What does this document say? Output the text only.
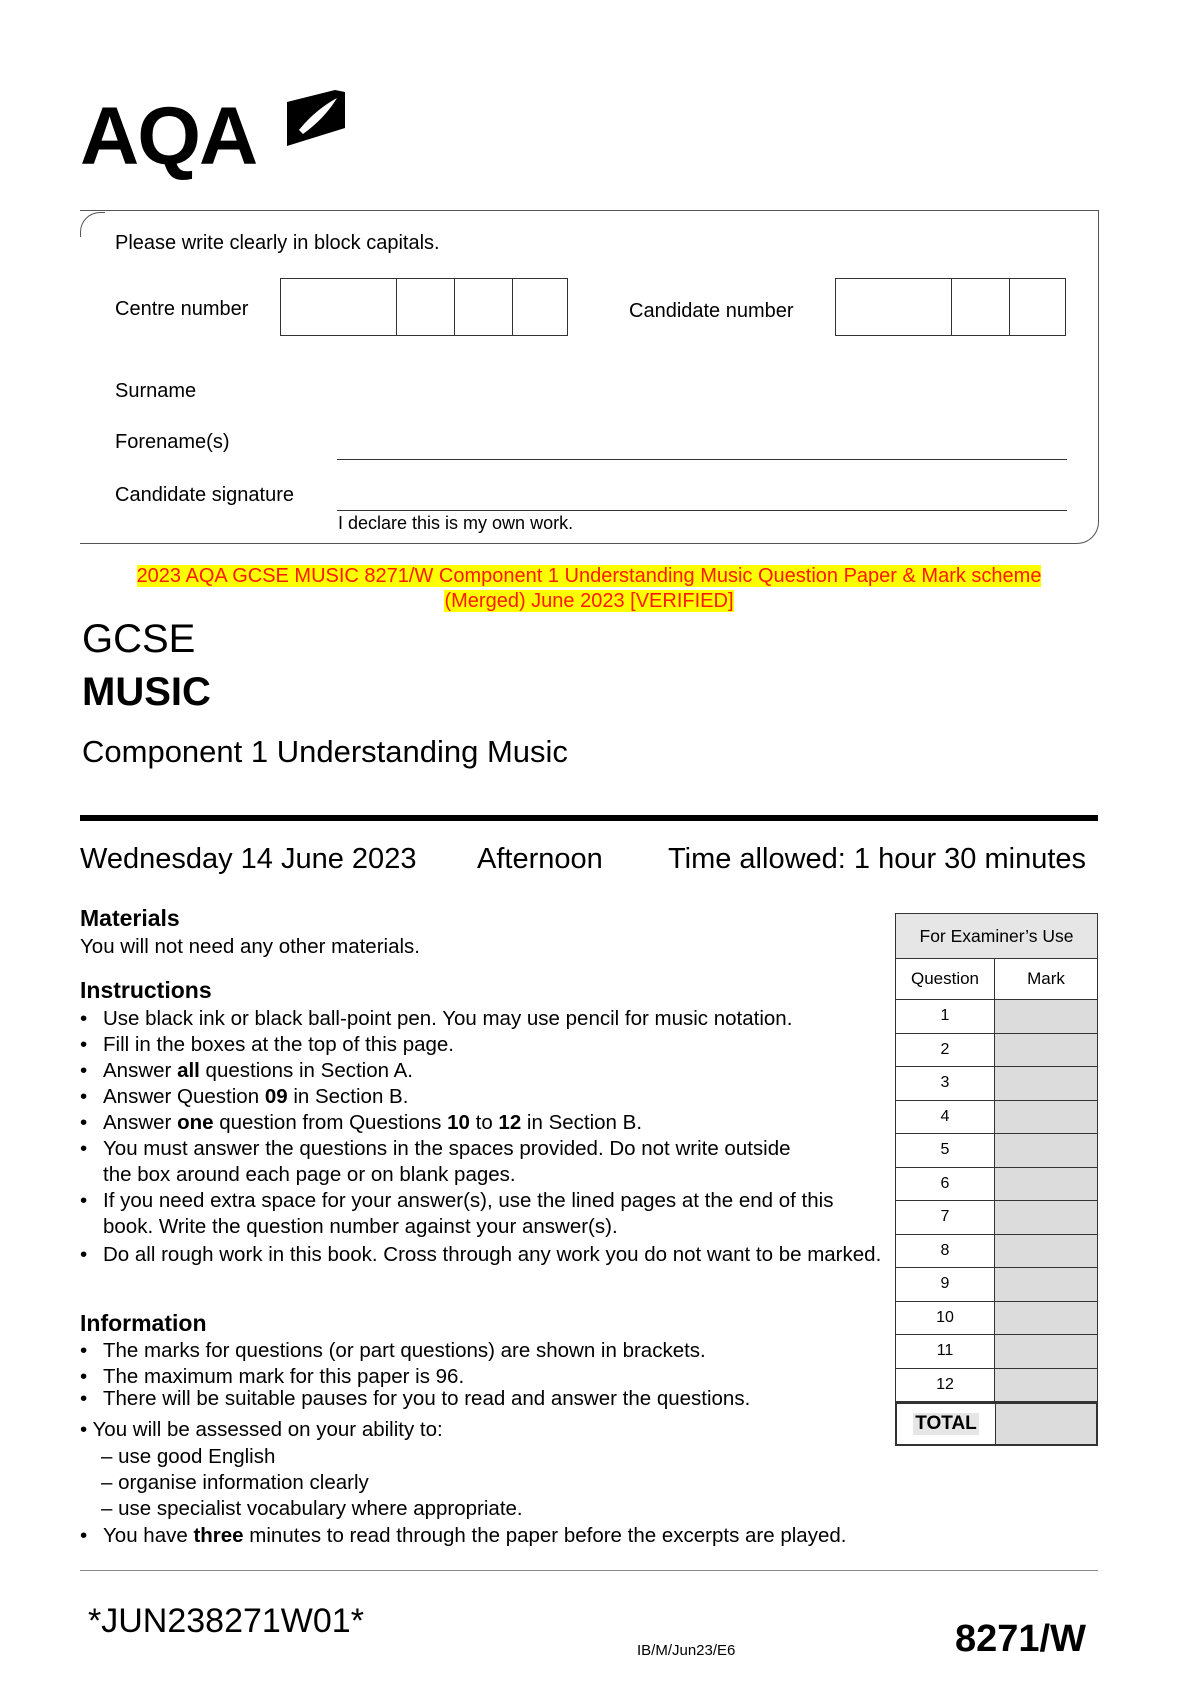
AQA
Please write clearly in block capitals.
Centre number	Candidate number
Surname
Forename(s)
Candidate signature
I declare this is my own work.
2023 AQA GCSE MUSIC 8271/W Component 1 Understanding Music Question Paper & Mark scheme
(Merged) June 2023 [VERIFIED]
GCSE
MUSIC
Component 1 Understanding Music
Wednesday 14 June 2023 Afternoon Time allowed: 1 hour 30 minutes
Materials
You will not need any other materials.
Instructions
• Use black ink or black ball-point pen. You may use pencil for music notation.
• Fill in the boxes at the top of this page.
• Answer all questions in Section A.
• Answer Question 09 in Section B.
• Answer one question from Questions 10 to 12 in Section B.
• You must answer the questions in the spaces provided. Do not write outside the box around each page or on blank pages.
• If you need extra space for your answer(s), use the lined pages at the end of this book. Write the question number against your answer(s).
• Do all rough work in this book. Cross through any work you do not want to be marked.
Information
• The marks for questions (or part questions) are shown in brackets.
• The maximum mark for this paper is 96.
• There will be suitable pauses for you to read and answer the questions.
• You will be assessed on your ability to:
– use good English
– organise information clearly
– use specialist vocabulary where appropriate.
• You have three minutes to read through the paper before the excerpts are played.
For Examiner’s Use
Question	Mark
1
2
3
4
5
6
7
8
9
10
11
12
TOTAL
*JUN238271W01*
IB/M/Jun23/E6	8271/W
